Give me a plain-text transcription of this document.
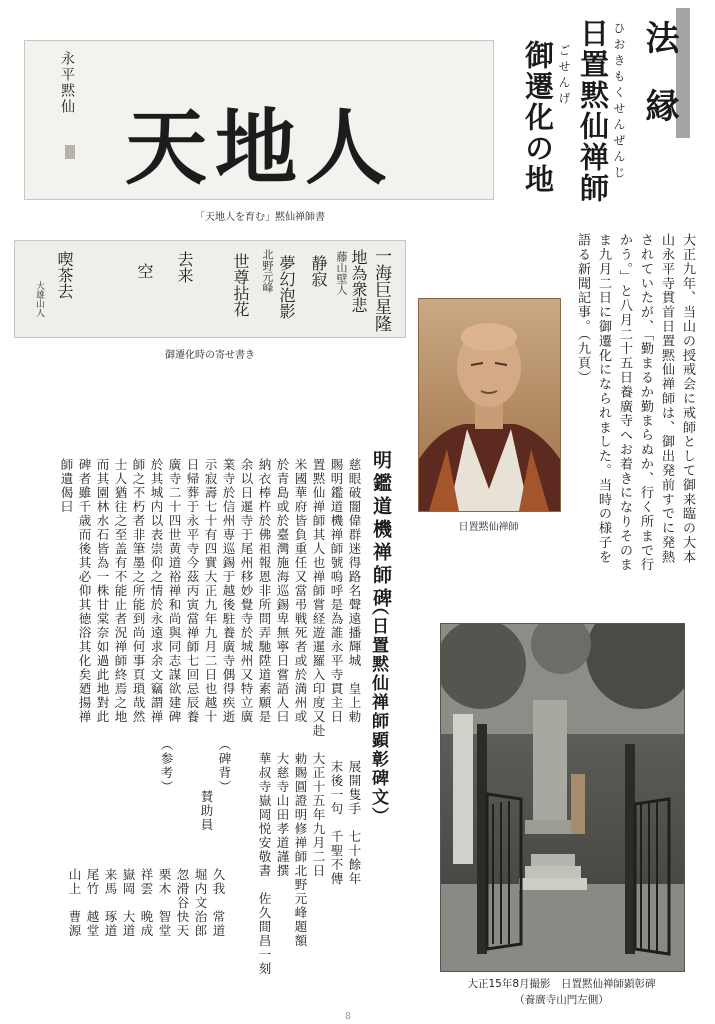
法縁
ひおきもくせんぜんじ
日置黙仙禅師
ごせんげ
御遷化の地
大正九年、当山の授戒会に戒師として御来臨の大本山永平寺貫首日置黙仙禅師は、御出発前すでに発熱されていたが、「勤まるか勤まらぬか、行く所まで行かう。」と八月二十五日養廣寺へお着きになりそのまま九月二日に御遷化になられました。当時の様子を語る新聞記事。（九頁）
永平黙仙
天地人
「天地人を育む」黙仙禅師書
一海巨星隆
地為衆悲
藤山壁人
静寂
夢幻泡影
北野元峰
世尊拈花
去来
空
喫茶去
大雄山人
御遷化時の寄せ書き
日置黙仙禅師
明鑑道機禅師碑
（日置黙仙禅師顕彰碑文）
慈眼破闇偉群迷得路名聲遠播輝城　皇上勅
賜明鑑道機禅師號嗚呼是為誰永平寺貫主日
置黙仙禅師其人也禅師嘗経遊暹羅入印度又赴
米國華府皆負重任又當弔戦死者或於満州或
於青島或於臺灣施海巡錫卑無寧日嘗語人曰
納衣棒杵於佛祖報恩非所問弄馳陞道素願是
余以日暹寺于尾州移妙覺寺於城州又特立廣
業寺於信州専巡錫于越後駐養廣寺偶得疾逝
示寂壽七十有四實大正九年九月二日也越十
日帰葬于永平寺今茲丙寅當禅師七回忌辰養
廣寺二十四世黄道裕禅和尚與同志謀欲建碑
於其城内以表崇仰之情於永遠求余文竊謂禅
師之不朽者非筆墨之所能到尚何事頁瑣哉然
士人猶往之至盖有不能止者況禅師終焉之地
而其園林水石皆為一株甘棠奈如過此地對此
碑者雖千歳而後其必仰其徳浴其化矣廼揚禅
師遺偈曰
展開隻手　七十餘年
末後一句　千聖不傳
大正十五年九月二日
勅賜圓證明修禅師北野元峰題額
大慈寺山田孝道謹撰
華叔寺嶽岡悦安敬書　佐久間昌一刻
（碑背）
賛助員
（参考）
久我　常道
堀内文治郎
忽滑谷快天
栗木　智堂
祥雲　晩成
嶽岡　大道
来馬　琢道
尾竹　越堂
山上　曹源
大正15年8月撮影　日置黙仙禅師顕彰碑
（養廣寺山門左側）
8
